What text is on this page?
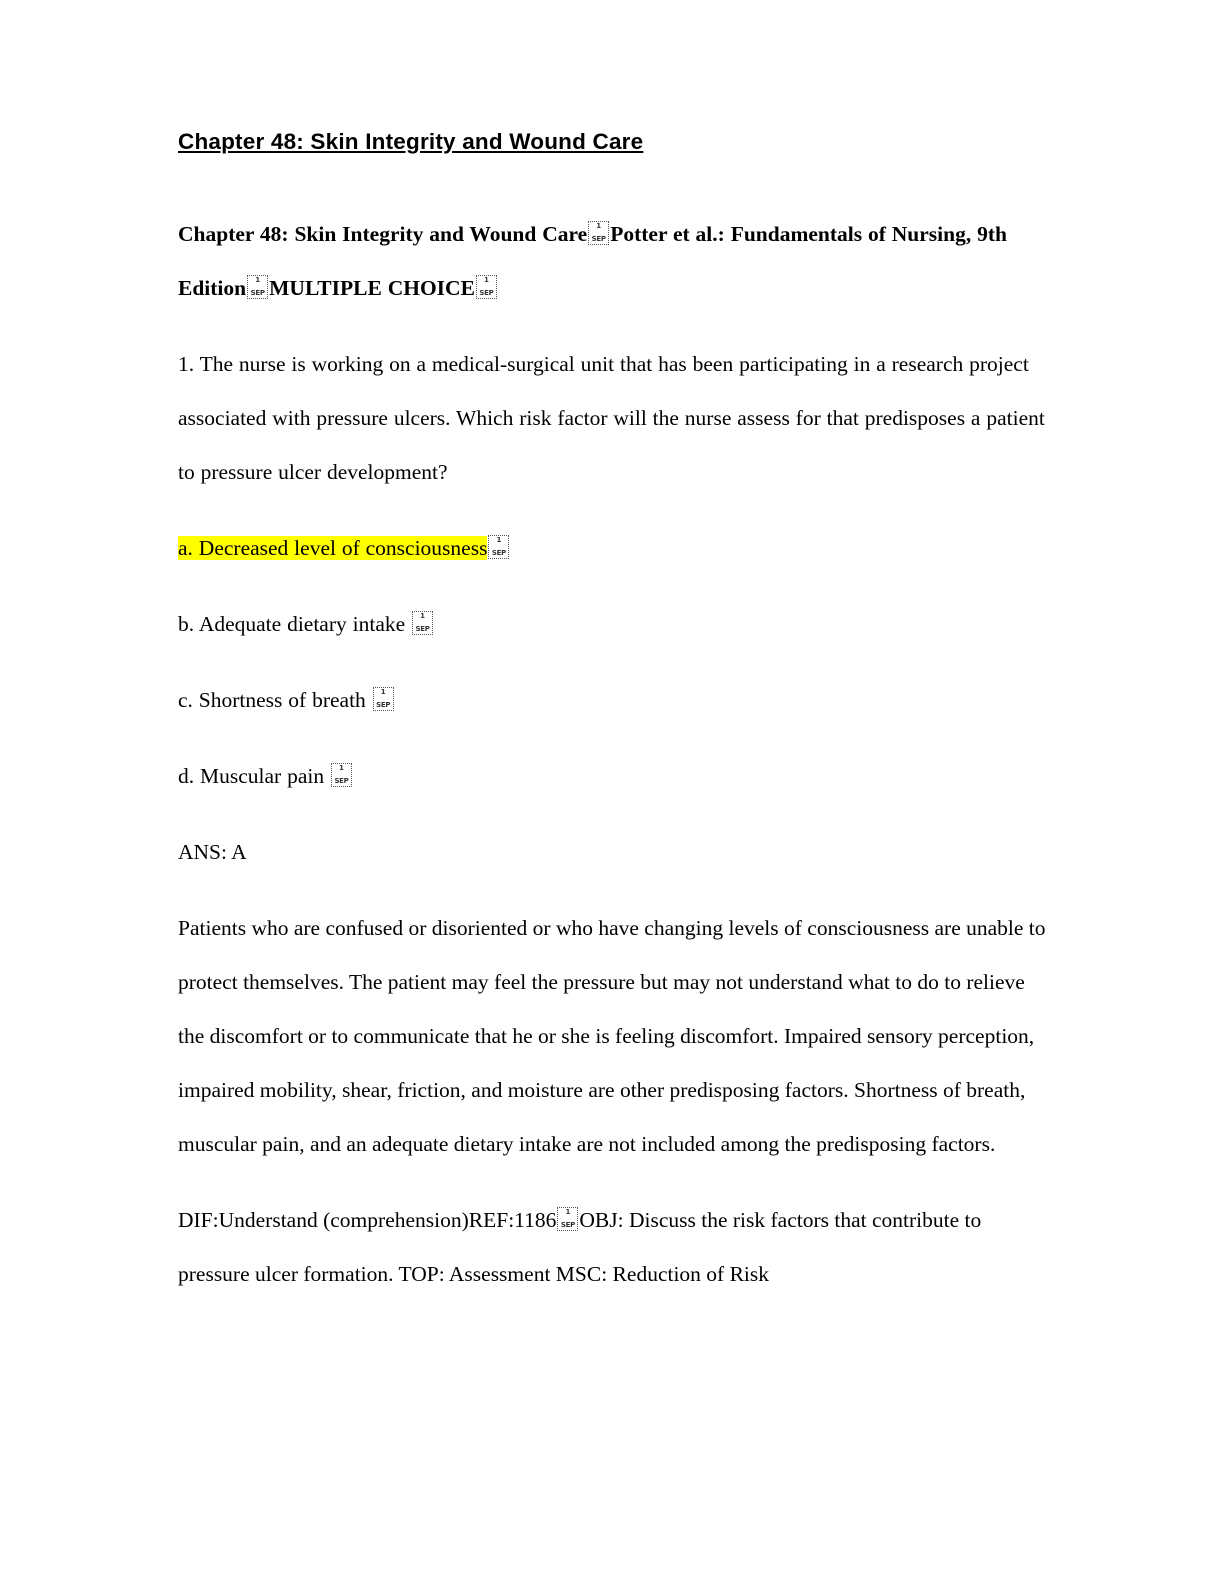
Chapter 48: Skin Integrity and Wound Care

Chapter 48: Skin Integrity and Wound Care 1 SEP Potter et al.: Fundamentals of Nursing, 9th Edition 1 SEP MULTIPLE CHOICE1 SEP

1. The nurse is working on a medical-surgical unit that has been participating in a research project associated with pressure ulcers. Which risk factor will the nurse assess for that predisposes a patient to pressure ulcer development?

a. Decreased level of consciousness1 SEP

b. Adequate dietary intake 1 SEP

c. Shortness of breath 1 SEP

d. Muscular pain 1 SEP

ANS: A

Patients who are confused or disoriented or who have changing levels of consciousness are unable to protect themselves. The patient may feel the pressure but may not understand what to do to relieve the discomfort or to communicate that he or she is feeling discomfort. Impaired sensory perception, impaired mobility, shear, friction, and moisture are other predisposing factors. Shortness of breath, muscular pain, and an adequate dietary intake are not included among the predisposing factors.

DIF:Understand (comprehension)REF:1186 1 SEP OBJ: Discuss the risk factors that contribute to pressure ulcer formation. TOP: Assessment MSC: Reduction of Risk
